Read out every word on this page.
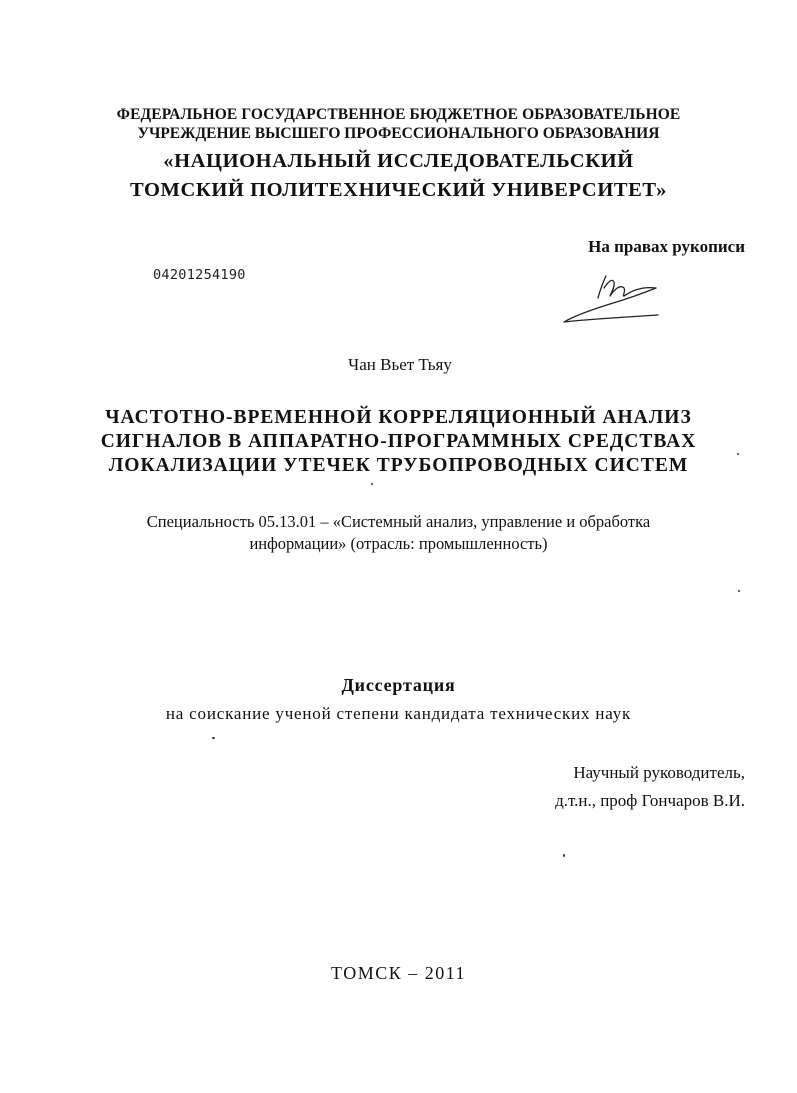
ФЕДЕРАЛЬНОЕ ГОСУДАРСТВЕННОЕ БЮДЖЕТНОЕ ОБРАЗОВАТЕЛЬНОЕ
УЧРЕЖДЕНИЕ ВЫСШЕГО ПРОФЕССИОНАЛЬНОГО ОБРАЗОВАНИЯ
«НАЦИОНАЛЬНЫЙ ИССЛЕДОВАТЕЛЬСКИЙ
ТОМСКИЙ ПОЛИТЕХНИЧЕСКИЙ УНИВЕРСИТЕТ»
На правах рукописи
04201254190
Чан Вьет Тьяу
ЧАСТОТНО-ВРЕМЕННОЙ КОРРЕЛЯЦИОННЫЙ АНАЛИЗ
СИГНАЛОВ В АППАРАТНО-ПРОГРАММНЫХ СРЕДСТВАХ
ЛОКАЛИЗАЦИИ УТЕЧЕК ТРУБОПРОВОДНЫХ СИСТЕМ
Специальность 05.13.01 – «Системный анализ, управление и обработка
информации» (отрасль: промышленность)
Диссертация
на соискание ученой степени кандидата технических наук
Научный руководитель,
д.т.н., проф Гончаров В.И.
ТОМСК – 2011
